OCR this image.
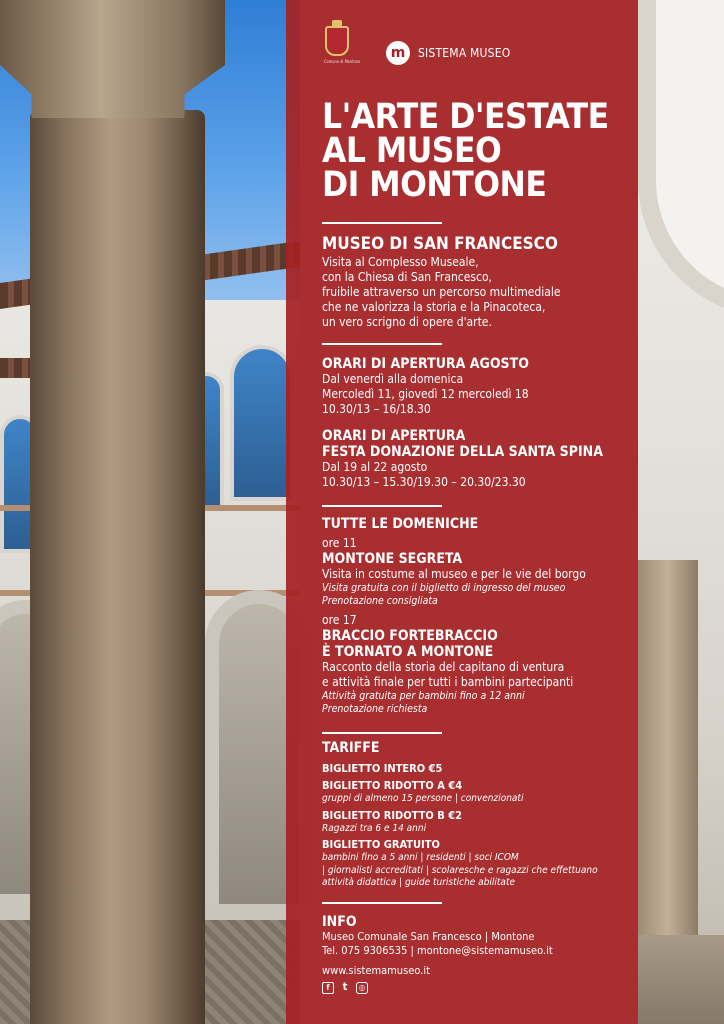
Comune di Montone
m	SISTEMA MUSEO
L'ARTE D'ESTATE
AL MUSEO
DI MONTONE
MUSEO DI SAN FRANCESCO
Visita al Complesso Museale,
con la Chiesa di San Francesco,
fruibile attraverso un percorso multimediale
che ne valorizza la storia e la Pinacoteca,
un vero scrigno di opere d'arte.
ORARI DI APERTURA AGOSTO
Dal venerdì alla domenica
Mercoledì 11, giovedì 12 mercoledì 18
10.30/13 – 16/18.30
ORARI DI APERTURA
FESTA DONAZIONE DELLA SANTA SPINA
Dal 19 al 22 agosto
10.30/13 – 15.30/19.30 – 20.30/23.30
TUTTE LE DOMENICHE
ore 11
MONTONE SEGRETA
Visita in costume al museo e per le vie del borgo
Visita gratuita con il biglietto di ingresso del museo
Prenotazione consigliata
ore 17
BRACCIO FORTEBRACCIO
È TORNATO A MONTONE
Racconto della storia del capitano di ventura
e attività finale per tutti i bambini partecipanti
Attività gratuita per bambini fino a 12 anni
Prenotazione richiesta
TARIFFE
BIGLIETTO INTERO €5
BIGLIETTO RIDOTTO A €4
gruppi di almeno 15 persone | convenzionati
BIGLIETTO RIDOTTO B €2
Ragazzi tra 6 e 14 anni
BIGLIETTO GRATUITO
bambini fino a 5 anni | residenti | soci ICOM
| giornalisti accreditati | scolaresche e ragazzi che effettuano
attività didattica | guide turistiche abilitate
INFO
Museo Comunale San Francesco | Montone
Tel. 075 9306535 | montone@sistemamuseo.it
www.sistemamuseo.it
f	t	◎
